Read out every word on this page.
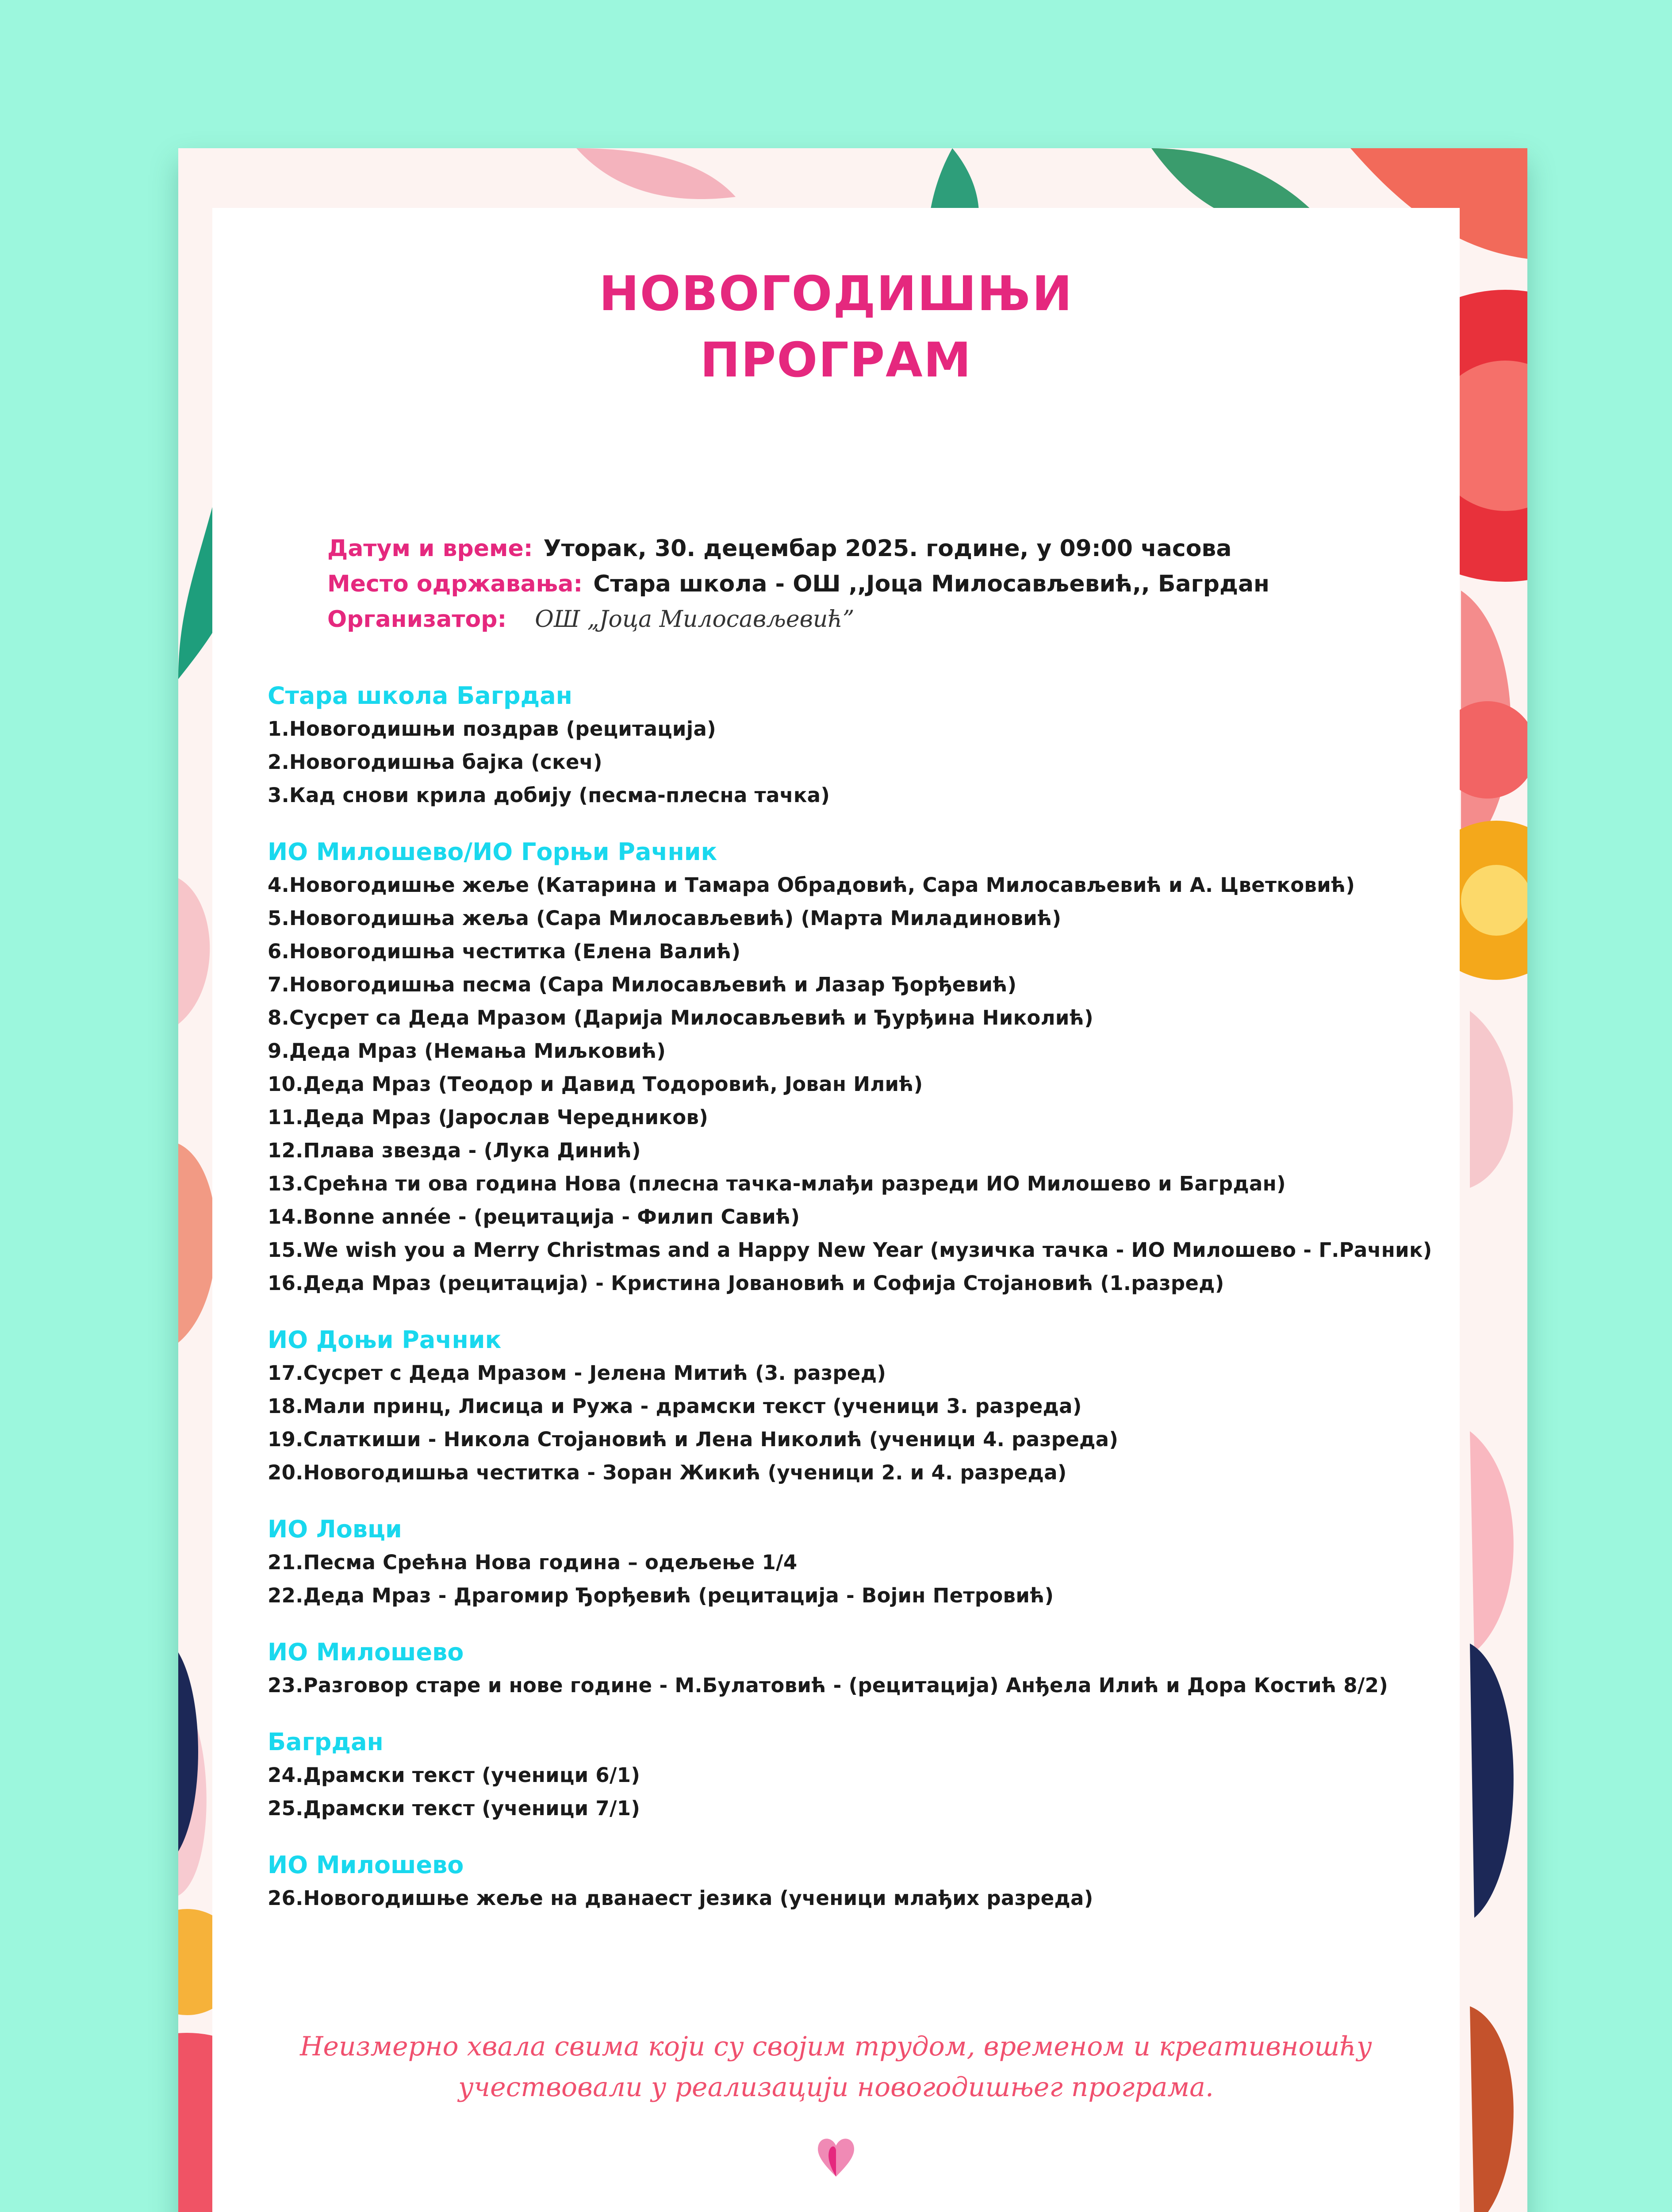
НОВОГОДИШЊИ
ПРОГРАМ
Датум и време: Уторак, 30. децембар 2025. године, у 09:00 часова
Место одржавања: Стара школа - ОШ ,,Јоца Милосављевић,, Багрдан
Организатор: ОШ „Јоца Милосављевић”
Стара школа Багрдан
1.Новогодишњи поздрав (рецитација)
2.Новогодишња бајка (скеч)
3.Кад снови крила добију (песма-плесна тачка)
ИО Милошево/ИО Горњи Рачник
4.Новогодишње жеље (Катарина и Тамара Обрадовић, Сара Милосављевић и А. Цветковић)
5.Новогодишња жеља (Сара Милосављевић) (Марта Миладиновић)
6.Новогодишња честитка (Елена Валић)
7.Новогодишња песма (Сара Милосављевић и Лазар Ђорђевић)
8.Сусрет са Деда Мразом (Дарија Милосављевић и Ђурђина Николић)
9.Деда Мраз (Немања Миљковић)
10.Деда Мраз (Теодор и Давид Тодоровић, Јован Илић)
11.Деда Мраз (Јарослав Чередников)
12.Плава звезда - (Лука Динић)
13.Срећна ти ова година Нова (плесна тачка-млађи разреди ИО Милошево и Багрдан)
14.Bonne année - (рецитација - Филип Савић)
15.We wish you a Merry Christmas and a Happy New Year (музичка тачка - ИО Милошево - Г.Рачник)
16.Деда Мраз (рецитација) - Кристина Јовановић и Софија Стојановић (1.разред)
ИО Доњи Рачник
17.Сусрет с Деда Мразом - Јелена Митић (3. разред)
18.Мали принц, Лисица и Ружа - драмски текст (ученици 3. разреда)
19.Слаткиши - Никола Стојановић и Лена Николић (ученици 4. разреда)
20.Новогодишња честитка - Зоран Жикић (ученици 2. и 4. разреда)
ИО Ловци
21.Песма Срећна Нова година – одељење 1/4
22.Деда Мраз - Драгомир Ђорђевић (рецитација - Војин Петровић)
ИО Милошево
23.Разговор старе и нове године - М.Булатовић - (рецитација) Анђела Илић и Дора Костић 8/2)
Багрдан
24.Драмски текст (ученици 6/1)
25.Драмски текст (ученици 7/1)
ИО Милошево
26.Новогодишње жеље на дванаест језика (ученици млађих разреда)
Неизмерно хвала свима који су својим трудом, временом и креативношћу
учествовали у реализацији новогодишњег програма.
